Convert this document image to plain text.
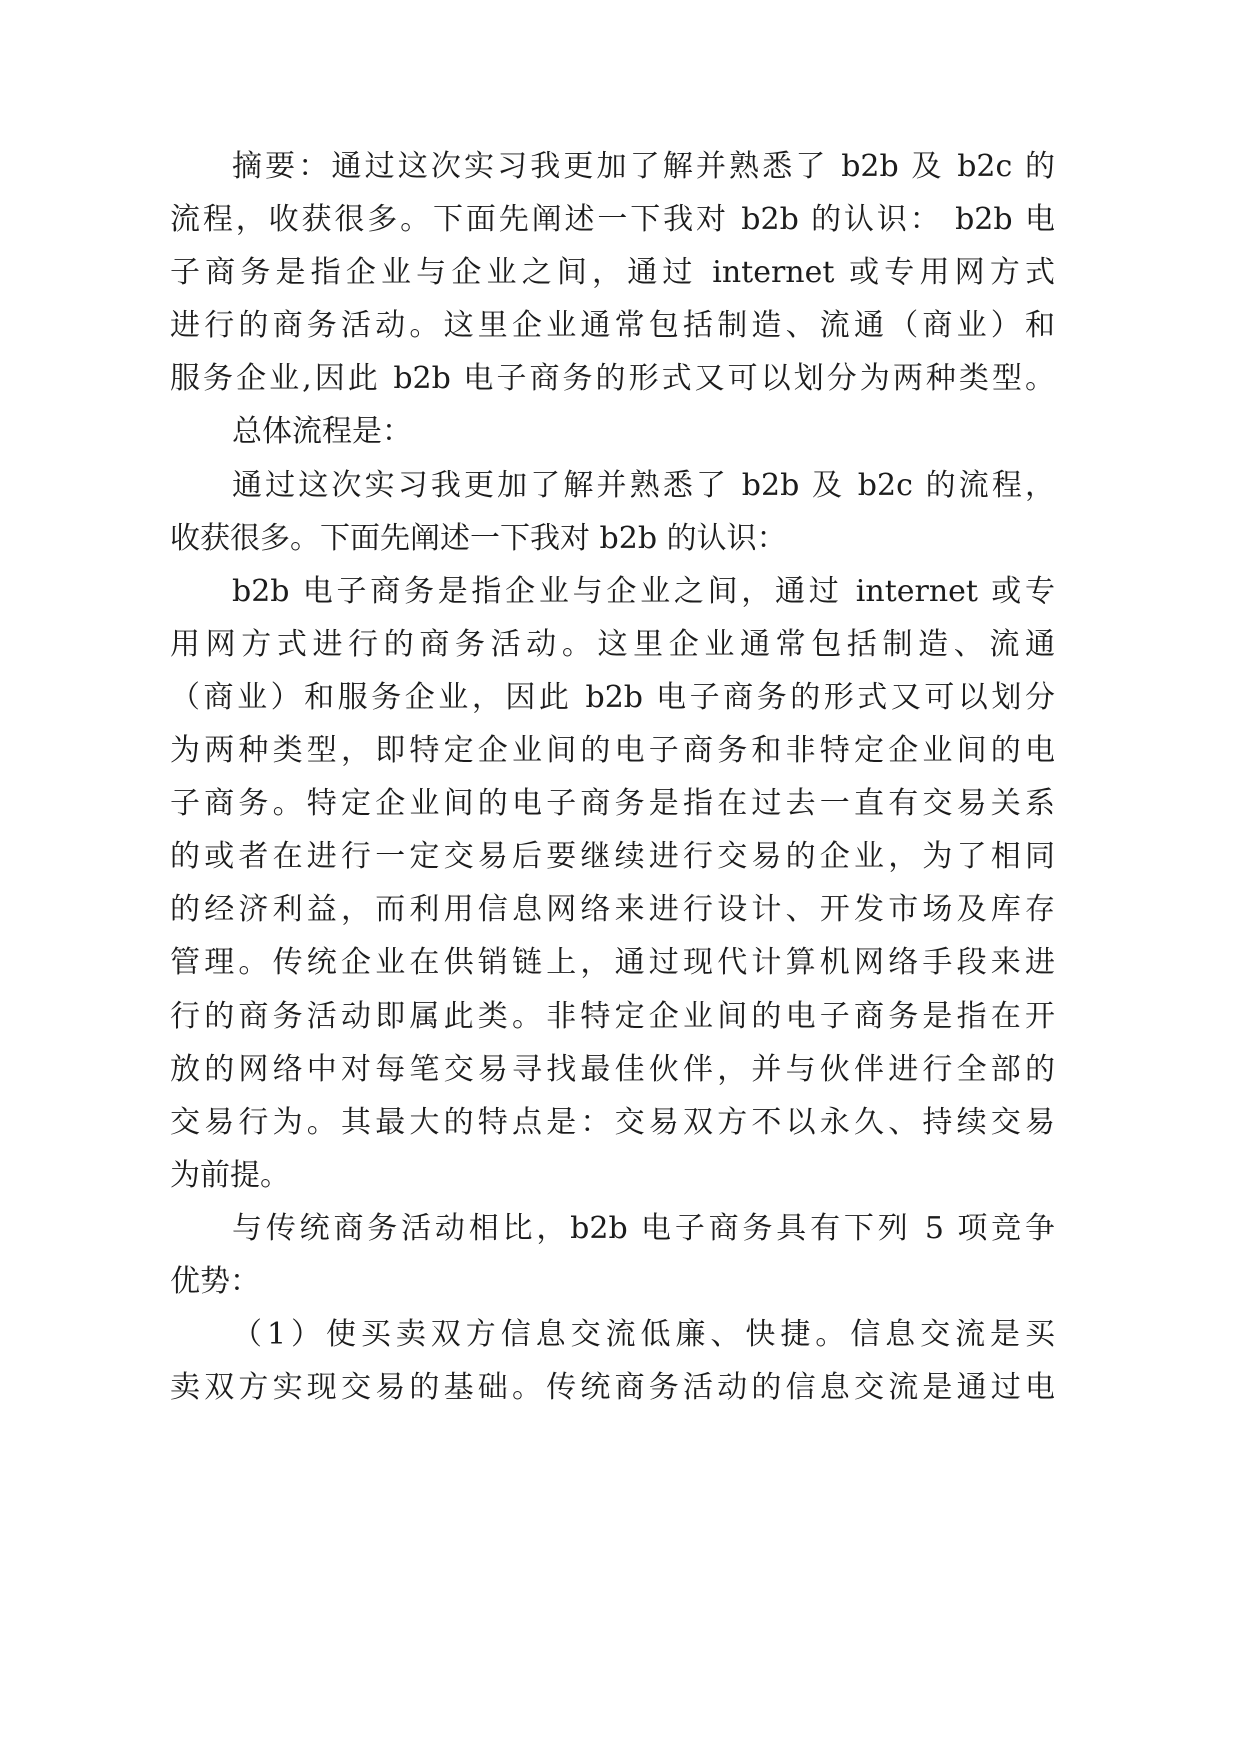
摘要：通过这次实习我更加了解并熟悉了 b2b 及 b2c 的
流程，收获很多。下面先阐述一下我对 b2b 的认识： b2b 电
子商务是指企业与企业之间，通过 internet 或专用网方式
进行的商务活动。这里企业通常包括制造、流通（商业）和
服务企业,因此 b2b 电子商务的形式又可以划分为两种类型。
总体流程是：
通过这次实习我更加了解并熟悉了 b2b 及 b2c 的流程，
收获很多。下面先阐述一下我对 b2b 的认识：
b2b 电子商务是指企业与企业之间，通过 internet 或专
用网方式进行的商务活动。这里企业通常包括制造、流通
（商业）和服务企业，因此 b2b 电子商务的形式又可以划分
为两种类型，即特定企业间的电子商务和非特定企业间的电
子商务。特定企业间的电子商务是指在过去一直有交易关系
的或者在进行一定交易后要继续进行交易的企业，为了相同
的经济利益，而利用信息网络来进行设计、开发市场及库存
管理。传统企业在供销链上，通过现代计算机网络手段来进
行的商务活动即属此类。非特定企业间的电子商务是指在开
放的网络中对每笔交易寻找最佳伙伴，并与伙伴进行全部的
交易行为。其最大的特点是：交易双方不以永久、持续交易
为前提。
与传统商务活动相比，b2b 电子商务具有下列 5 项竞争
优势：
（1）使买卖双方信息交流低廉、快捷。信息交流是买
卖双方实现交易的基础。传统商务活动的信息交流是通过电
